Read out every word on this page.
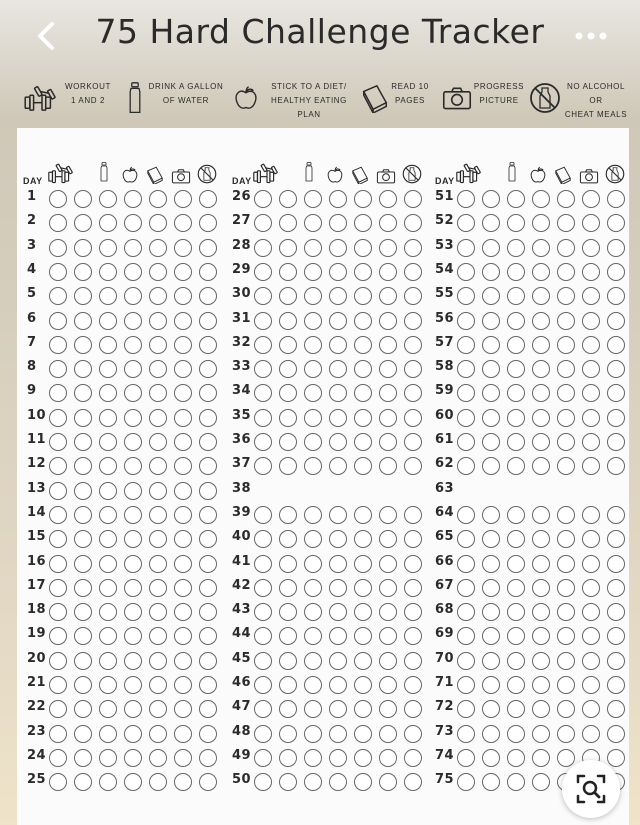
75 Hard Challenge Tracker
WORKOUT
1 AND 2
DRINK A GALLON
OF WATER
STICK TO A DIET/
HEALTHY EATING PLAN
READ 10
PAGES
PROGRESS
PICTURE
NO ALCOHOL OR
CHEAT MEALS
DAY
1
2
3
4
5
6
7
8
9
10
11
12
13
14
15
16
17
18
19
20
21
22
23
24
25
DAY
26
27
28
29
30
31
32
33
34
35
36
37
38
39
40
41
42
43
44
45
46
47
48
49
50
DAY
51
52
53
54
55
56
57
58
59
60
61
62
63
64
65
66
67
68
69
70
71
72
73
74
75
